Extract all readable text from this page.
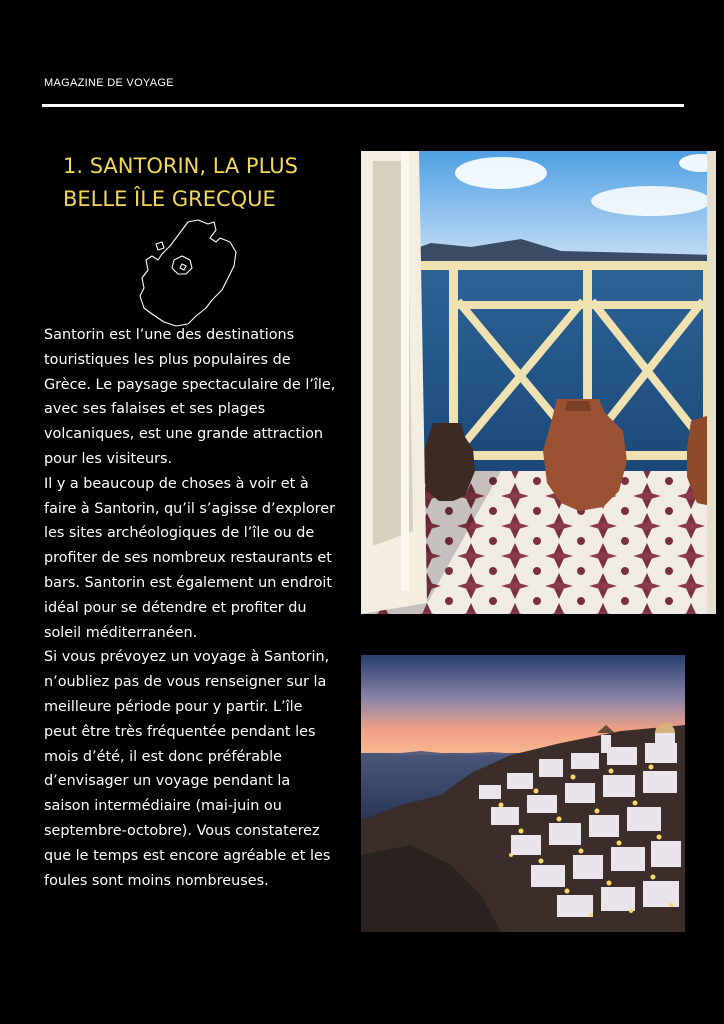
MAGAZINE DE VOYAGE
1. SANTORIN, LA PLUS BELLE ÎLE GRECQUE

Santorin est l’une des destinations touristiques les plus populaires de Grèce. Le paysage spectaculaire de l’île, avec ses falaises et ses plages volcaniques, est une grande attraction pour les visiteurs.

Il y a beaucoup de choses à voir et à faire à Santorin, qu’il s’agisse d’explorer les sites archéologiques de l’île ou de profiter de ses nombreux restaurants et bars. Santorin est également un endroit idéal pour se détendre et profiter du soleil méditerranéen.

Si vous prévoyez un voyage à Santorin, n’oubliez pas de vous renseigner sur la meilleure période pour y partir. L’île peut être très fréquentée pendant les mois d’été, il est donc préférable d’envisager un voyage pendant la saison intermédiaire (mai-juin ou septembre-octobre). Vous constaterez que le temps est encore agréable et les foules sont moins nombreuses.
